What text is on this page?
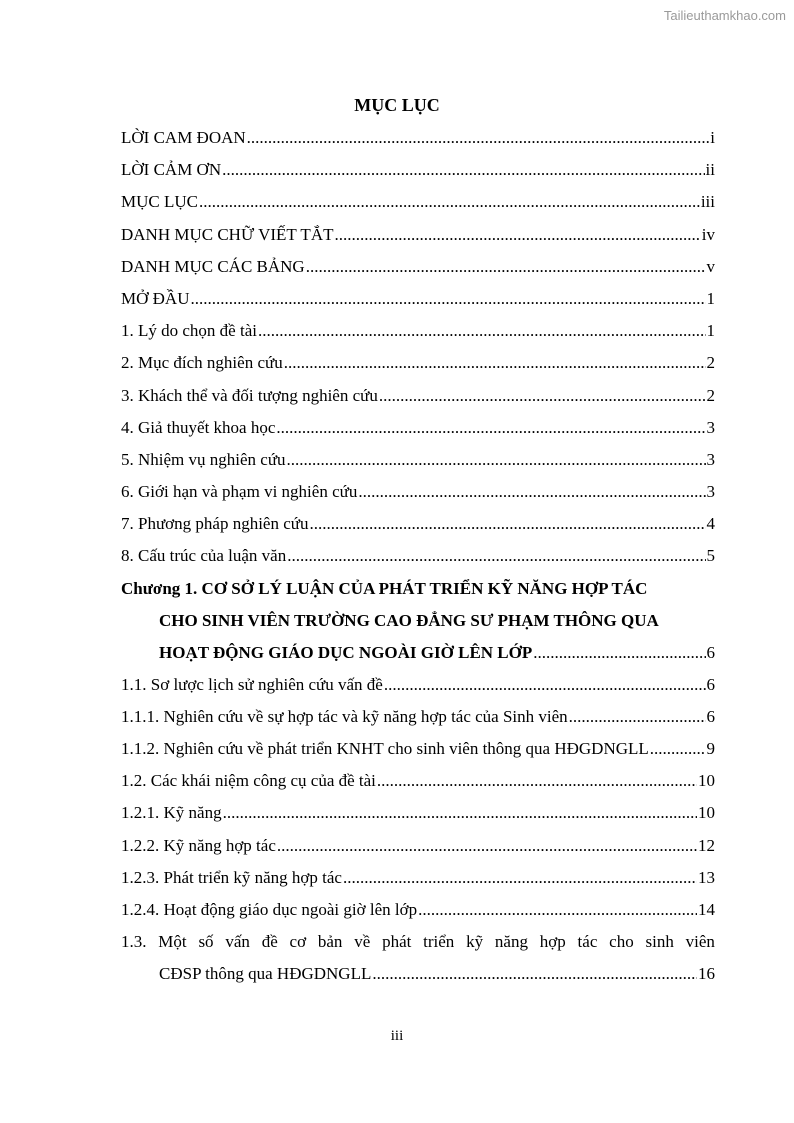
Tailieuthamkhao.com
MỤC LỤC
LỜI CAM ĐOAN .....	i
LỜI CẢM ƠN .....	ii
MỤC LỤC .....	iii
DANH MỤC CHỮ VIẾT TẮT .....	iv
DANH MỤC CÁC BẢNG .....	v
MỞ ĐẦU .....	1
1. Lý do chọn đề tài .....	1
2. Mục đích nghiên cứu .....	2
3. Khách thể và đối tượng nghiên cứu .....	2
4. Giả thuyết khoa học .....	3
5. Nhiệm vụ nghiên cứu .....	3
6. Giới hạn và phạm vi nghiên cứu .....	3
7. Phương pháp nghiên cứu .....	4
8. Cấu trúc của luận văn .....	5
Chương 1. CƠ SỞ LÝ LUẬN CỦA PHÁT TRIỂN KỸ NĂNG HỢP TÁC
CHO SINH VIÊN TRƯỜNG CAO ĐẲNG SƯ PHẠM THÔNG QUA
HOẠT ĐỘNG GIÁO DỤC NGOÀI GIỜ LÊN LỚP .....	6
1.1. Sơ lược lịch sử nghiên cứu vấn đề .....	6
1.1.1. Nghiên cứu về sự hợp tác và kỹ năng hợp tác của Sinh viên .....	6
1.1.2. Nghiên cứu về phát triển KNHT cho sinh viên thông qua HĐGDNGLL .....	9
1.2. Các khái niệm công cụ của đề tài .....	10
1.2.1. Kỹ năng .....	10
1.2.2. Kỹ năng hợp tác .....	12
1.2.3. Phát triển kỹ năng hợp tác .....	13
1.2.4. Hoạt động giáo dục ngoài giờ lên lớp .....	14
1.3. Một số vấn đề cơ bản về phát triển kỹ năng hợp tác cho sinh viên
CĐSP thông qua HĐGDNGLL .....	16
iii
